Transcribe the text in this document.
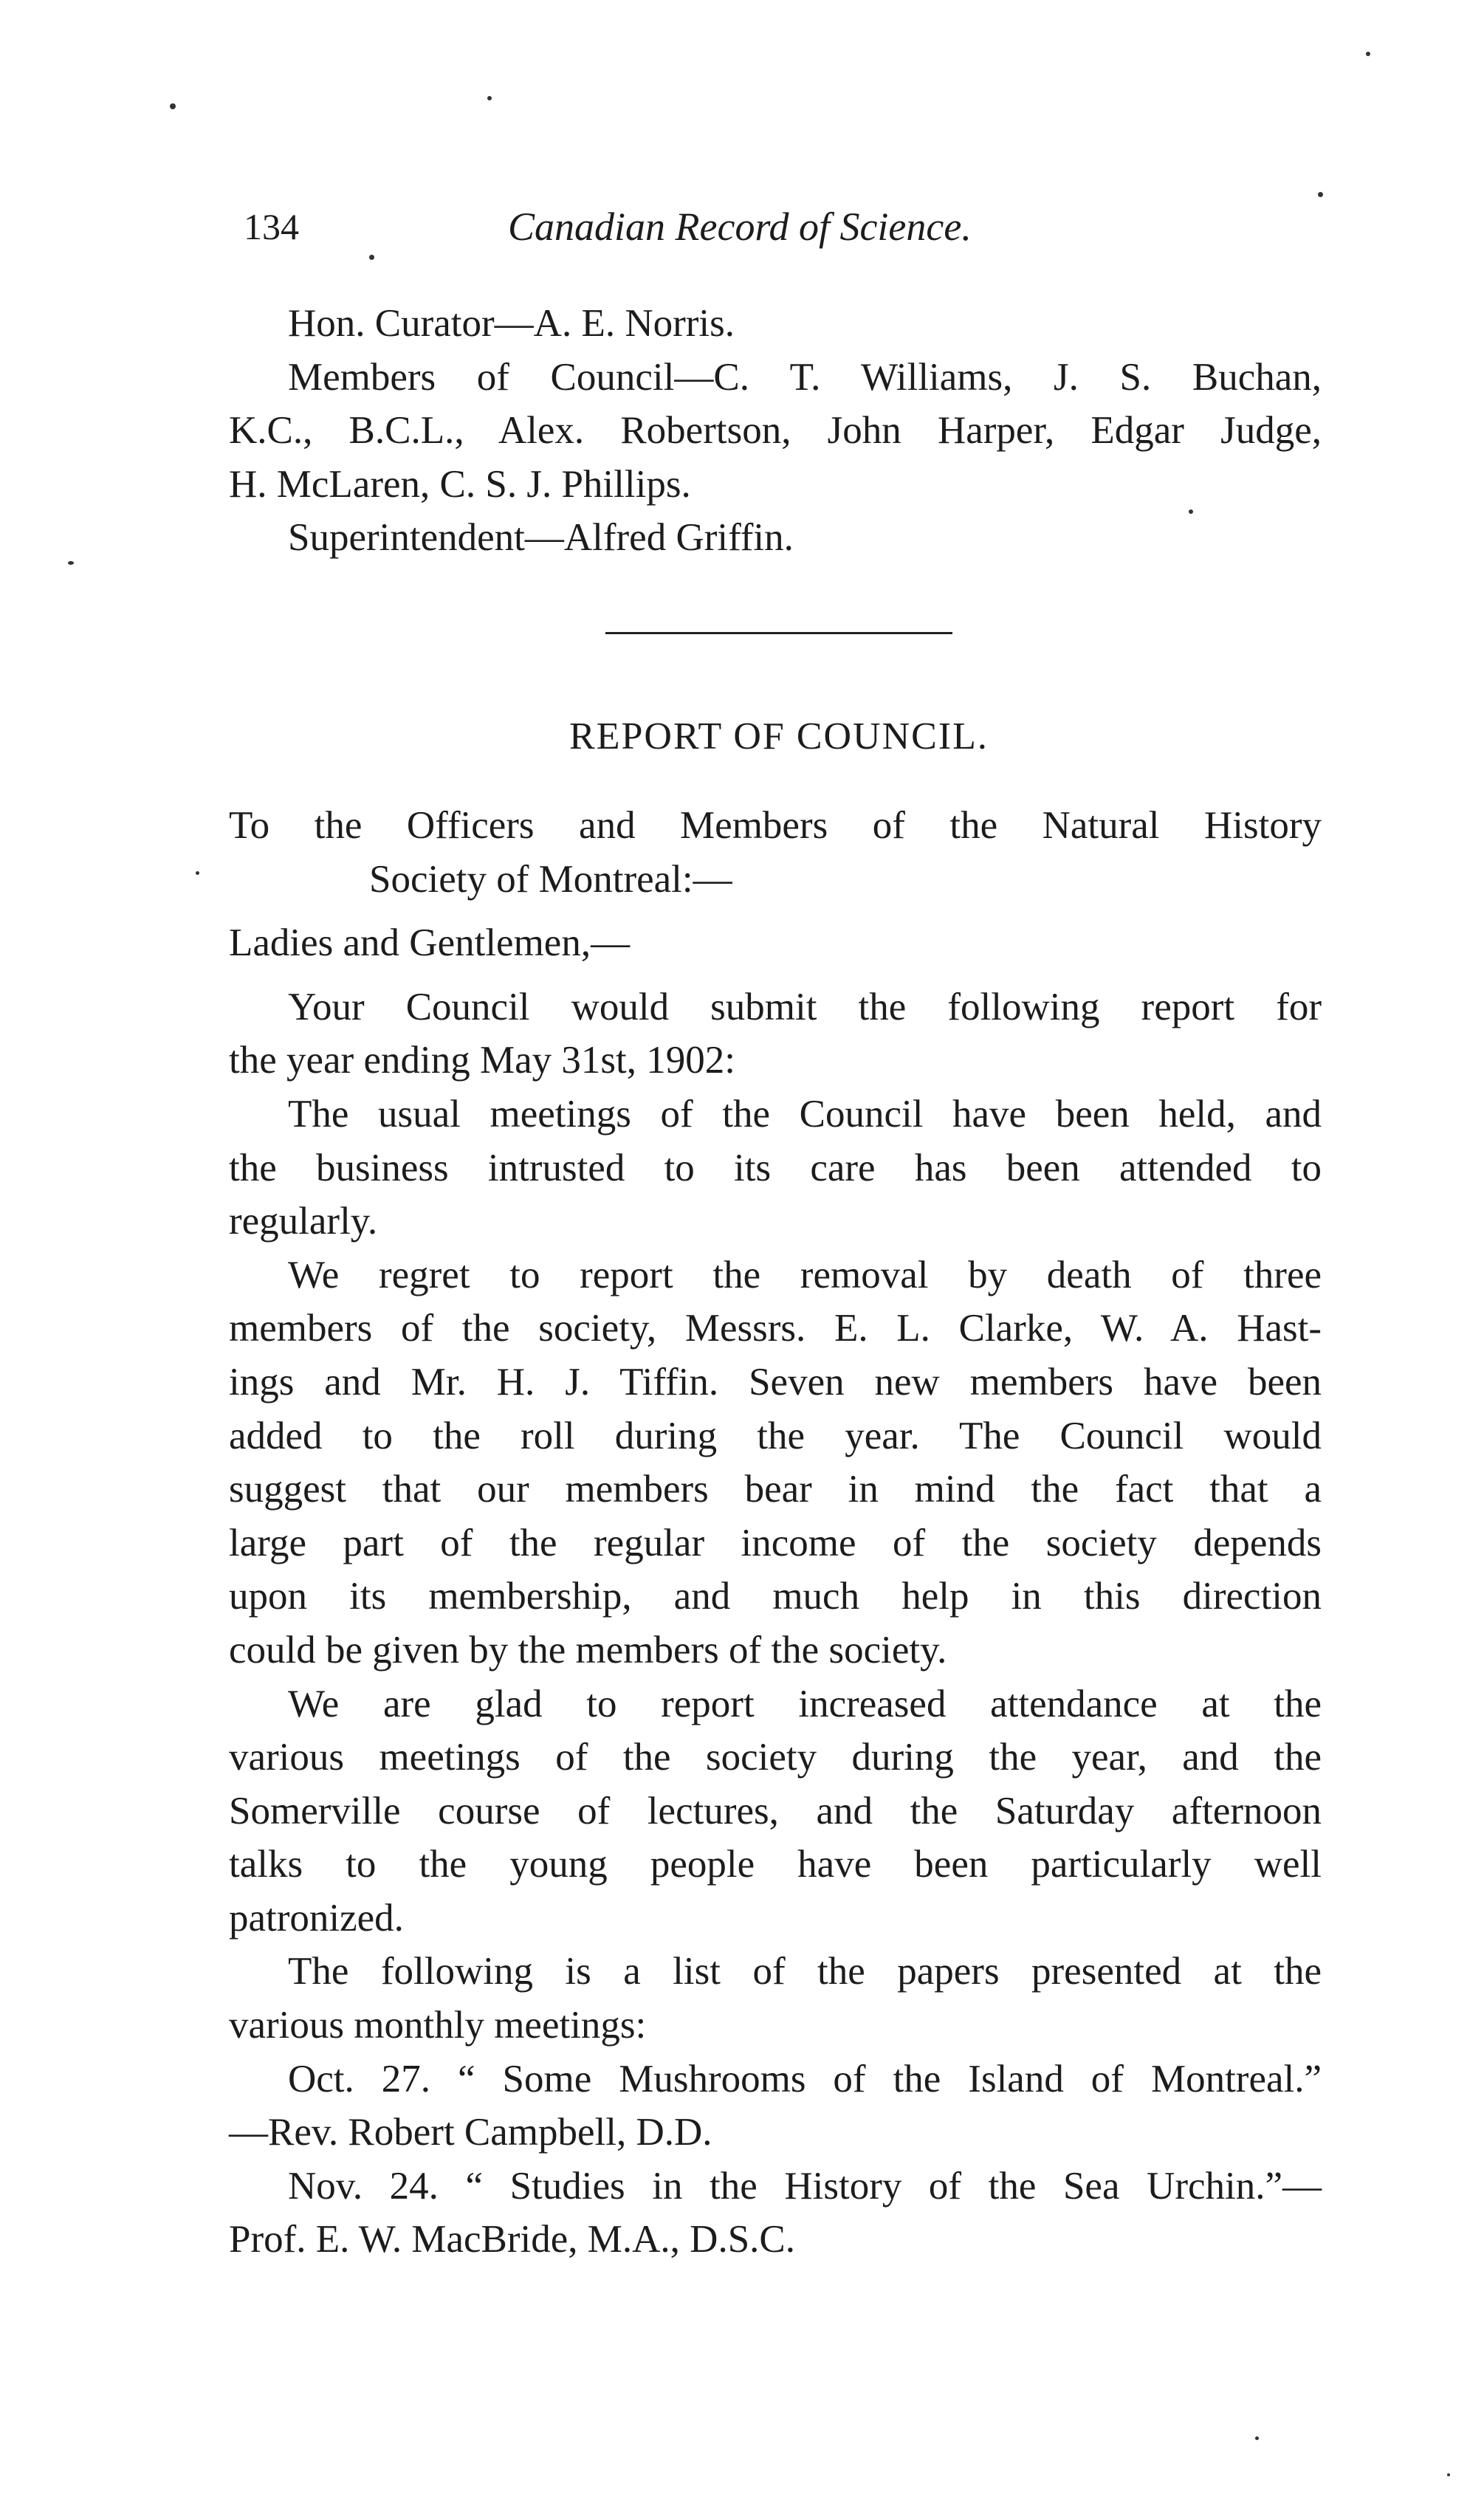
134	Canadian Record of Science.
Hon. Curator—A. E. Norris.
Members of Council—C. T. Williams, J. S. Buchan,
K.C., B.C.L., Alex. Robertson, John Harper, Edgar Judge,
H. McLaren, C. S. J. Phillips.
Superintendent—Alfred Griffin.
REPORT OF COUNCIL.
To the Officers and Members of the Natural History
Society of Montreal:—
Ladies and Gentlemen,—
Your Council would submit the following report for
the year ending May 31st, 1902:
The usual meetings of the Council have been held, and
the business intrusted to its care has been attended to
regularly.
We regret to report the removal by death of three
members of the society, Messrs. E. L. Clarke, W. A. Hast-
ings and Mr. H. J. Tiffin. Seven new members have been
added to the roll during the year. The Council would
suggest that our members bear in mind the fact that a
large part of the regular income of the society depends
upon its membership, and much help in this direction
could be given by the members of the society.
We are glad to report increased attendance at the
various meetings of the society during the year, and the
Somerville course of lectures, and the Saturday afternoon
talks to the young people have been particularly well
patronized.
The following is a list of the papers presented at the
various monthly meetings:
Oct. 27. “ Some Mushrooms of the Island of Montreal.”
—Rev. Robert Campbell, D.D.
Nov. 24. “ Studies in the History of the Sea Urchin.”—
Prof. E. W. MacBride, M.A., D.S.C.
